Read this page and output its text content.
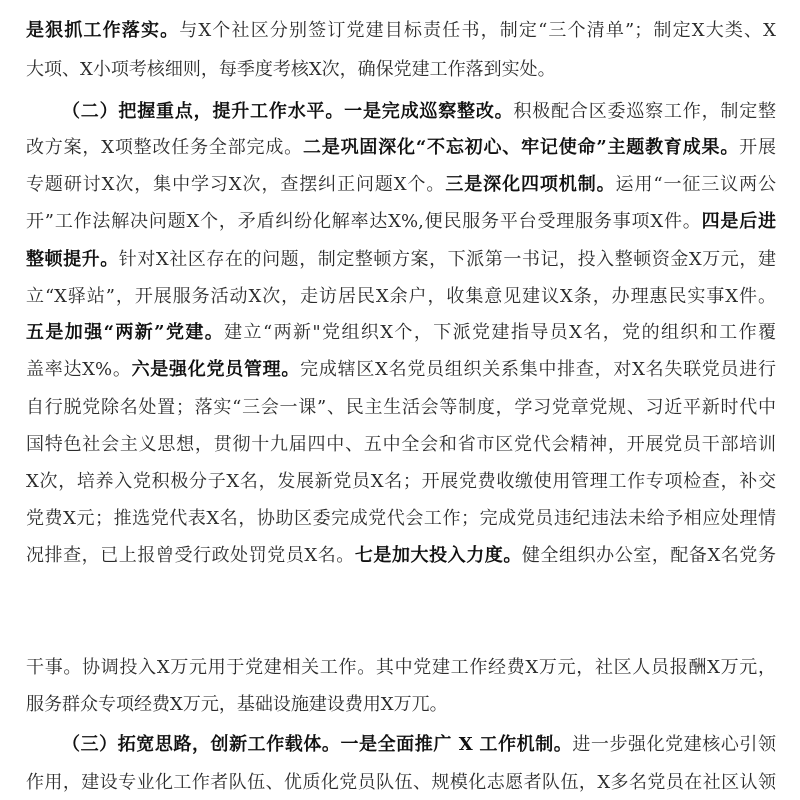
是狠抓工作落实。与X个社区分别签订党建目标责任书，制定“三个清单”；制定X大类、X
大项、X小项考核细则，每季度考核X次，确保党建工作落到实处。
（二）把握重点，提升工作水平。一是完成巡察整改。积极配合区委巡察工作，制定整
改方案，X项整改任务全部完成。二是巩固深化“不忘初心、牢记使命”主题教育成果。开展
专题研讨X次，集中学习X次，查摆纠正问题X个。三是深化四项机制。运用“一征三议两公
开”工作法解决问题X个，矛盾纠纷化解率达X%,便民服务平台受理服务事项X件。四是后进
整顿提升。针对X社区存在的问题，制定整顿方案，下派第一书记，投入整顿资金X万元，建
立“X驿站”，开展服务活动X次，走访居民X余户，收集意见建议X条，办理惠民实事X件。
五是加强“两新”党建。建立“两新"党组织X个，下派党建指导员X名，党的组织和工作覆
盖率达X%。六是强化党员管理。完成辖区X名党员组织关系集中排查，对X名失联党员进行
自行脱党除名处置；落实“三会一课”、民主生活会等制度，学习党章党规、习近平新时代中
国特色社会主义思想，贯彻十九届四中、五中全会和省市区党代会精神，开展党员干部培训
X次，培养入党积极分子X名，发展新党员X名；开展党费收缴使用管理工作专项检查，补交
党费X元；推选党代表X名，协助区委完成党代会工作；完成党员违纪违法未给予相应处理情
况排查，已上报曾受行政处罚党员X名。七是加大投入力度。健全组织办公室，配备X名党务
干事。协调投入X万元用于党建相关工作。其中党建工作经费X万元，社区人员报酬X万元，
服务群众专项经费X万元，基础设施建设费用X万兀。
（三）拓宽思路，创新工作载体。一是全面推广 X 工作机制。进一步强化党建核心引领
作用，建设专业化工作者队伍、优质化党员队伍、规模化志愿者队伍，X多名党员在社区认领
